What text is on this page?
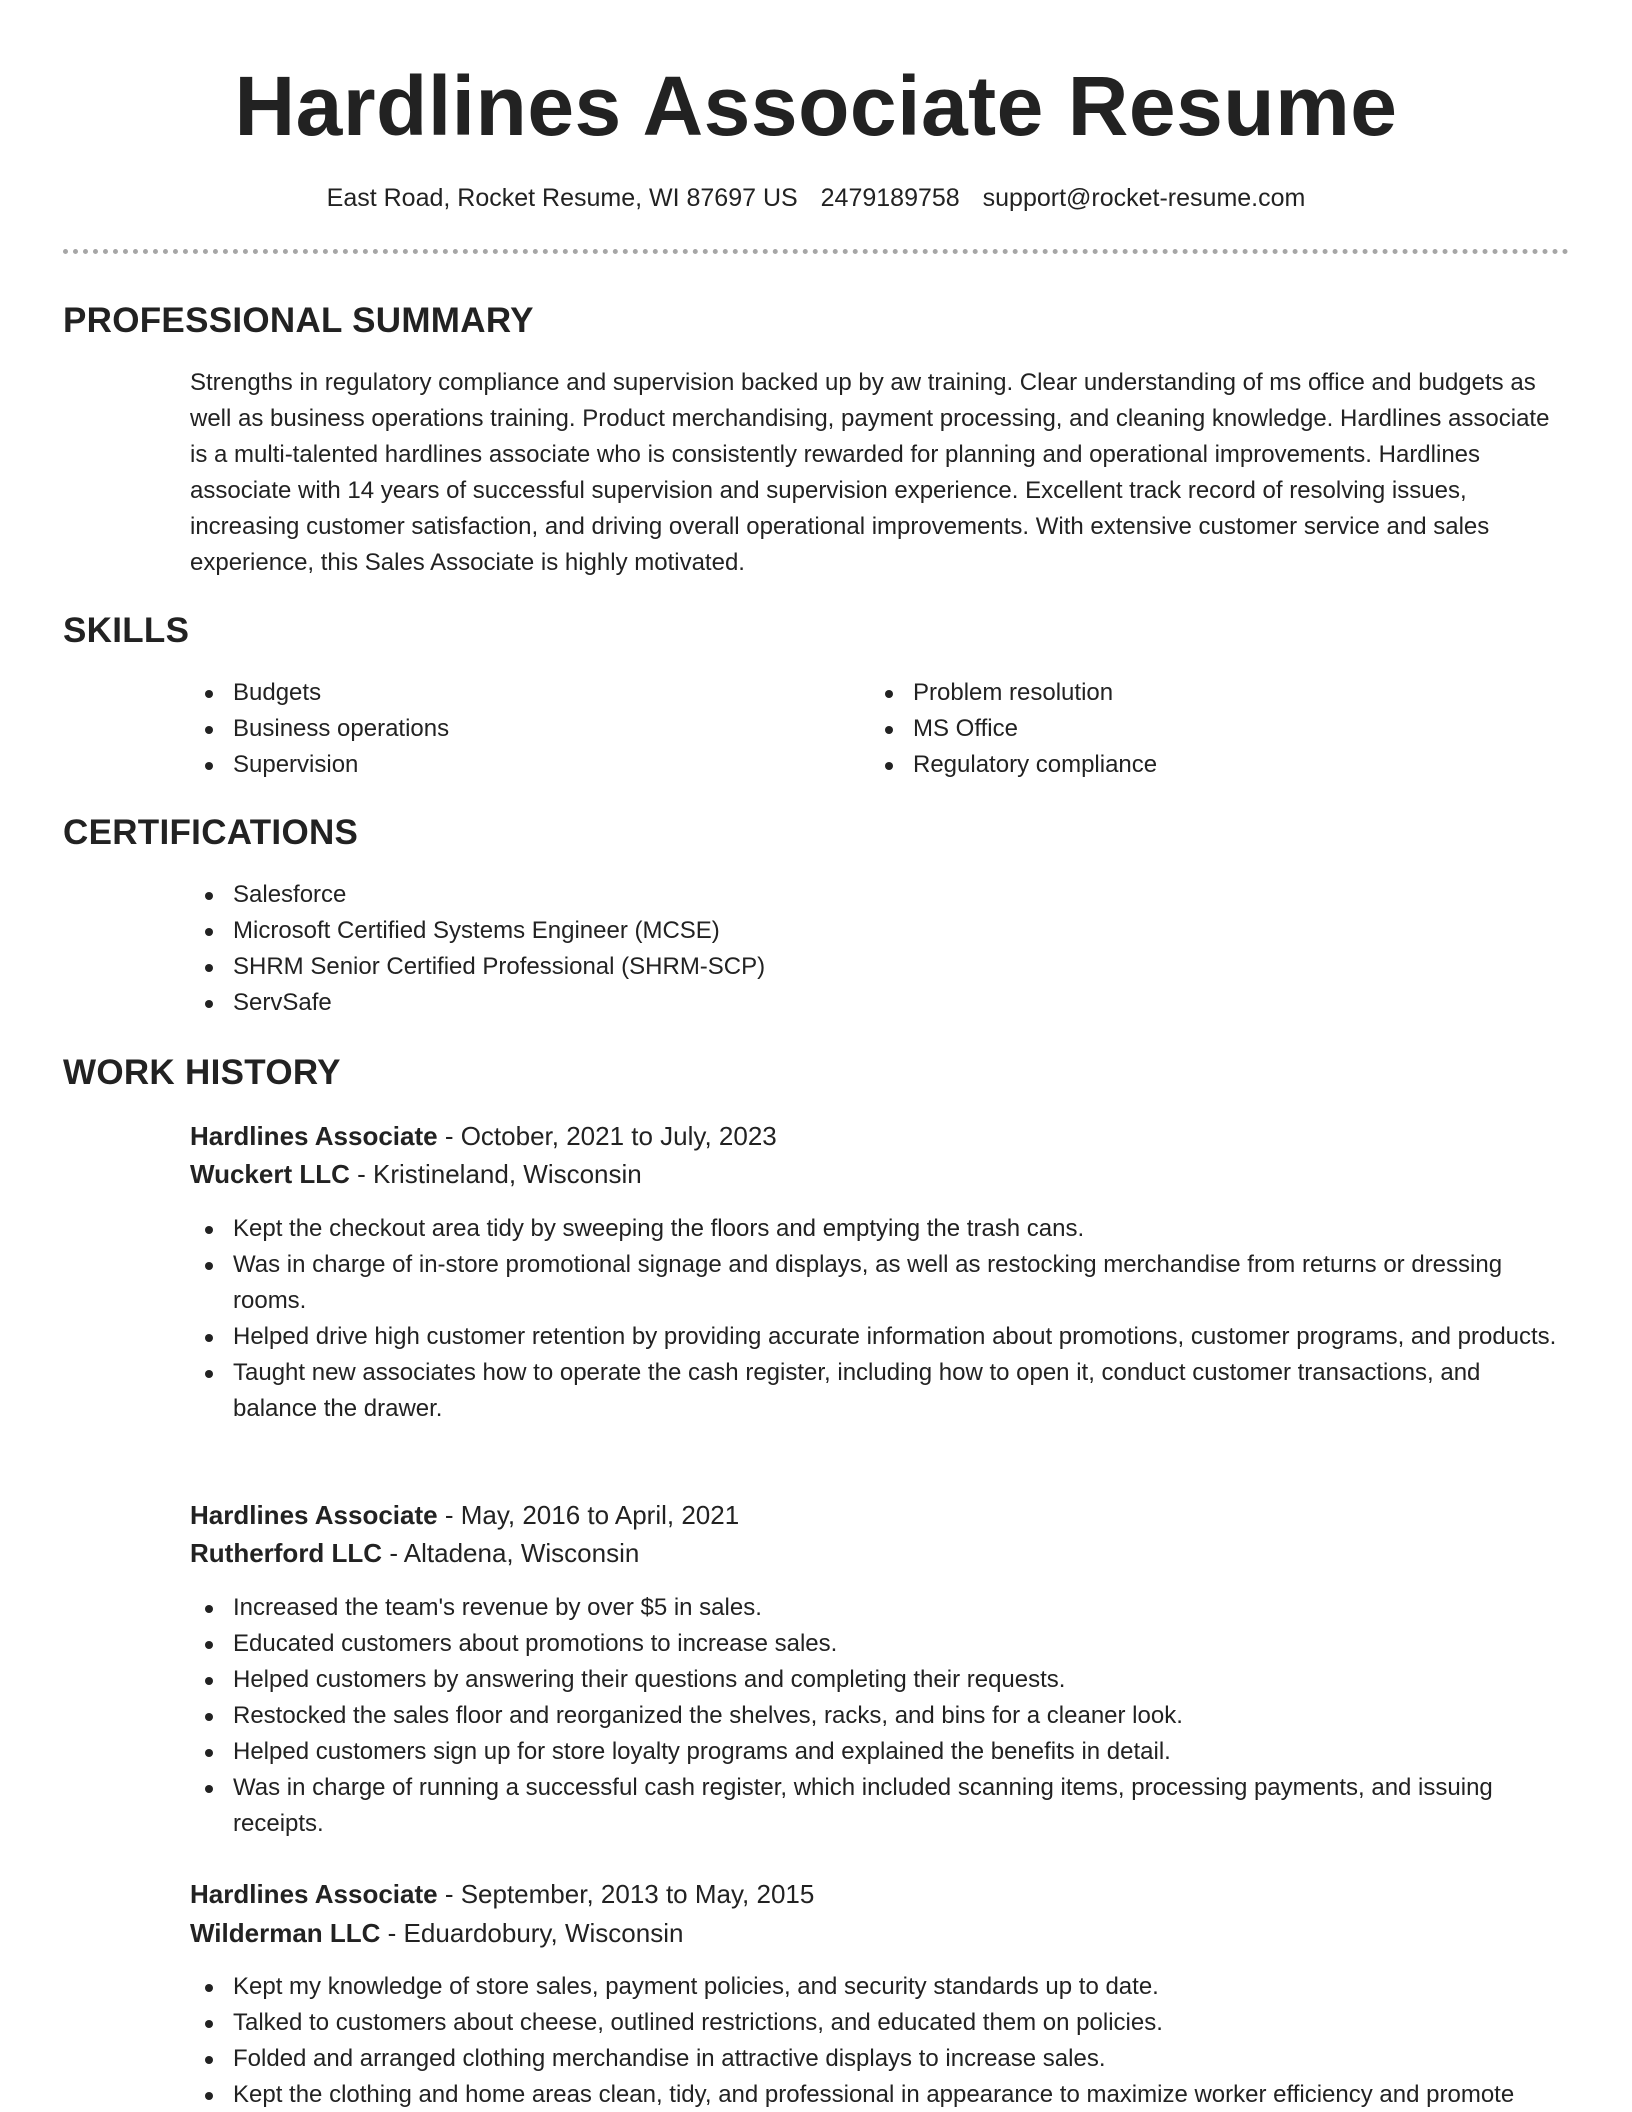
Hardlines Associate Resume
East Road, Rocket Resume, WI 87697 US 2479189758 support@rocket-resume.com
PROFESSIONAL SUMMARY

Strengths in regulatory compliance and supervision backed up by aw training. Clear understanding of ms office and budgets as well as business operations training. Product merchandising, payment processing, and cleaning knowledge. Hardlines associate is a multi-talented hardlines associate who is consistently rewarded for planning and operational improvements. Hardlines associate with 14 years of successful supervision and supervision experience. Excellent track record of resolving issues, increasing customer satisfaction, and driving overall operational improvements. With extensive customer service and sales experience, this Sales Associate is highly motivated.

SKILLS
Budgets
Business operations
Supervision
Problem resolution
MS Office
Regulatory compliance
CERTIFICATIONS
Salesforce
Microsoft Certified Systems Engineer (MCSE)
SHRM Senior Certified Professional (SHRM-SCP)
ServSafe
WORK HISTORY
Hardlines Associate - October, 2021 to July, 2023
Wuckert LLC - Kristineland, Wisconsin
Kept the checkout area tidy by sweeping the floors and emptying the trash cans.
Was in charge of in-store promotional signage and displays, as well as restocking merchandise from returns or dressing rooms.
Helped drive high customer retention by providing accurate information about promotions, customer programs, and products.
Taught new associates how to operate the cash register, including how to open it, conduct customer transactions, and balance the drawer.
Hardlines Associate - May, 2016 to April, 2021
Rutherford LLC - Altadena, Wisconsin
Increased the team's revenue by over $5 in sales.
Educated customers about promotions to increase sales.
Helped customers by answering their questions and completing their requests.
Restocked the sales floor and reorganized the shelves, racks, and bins for a cleaner look.
Helped customers sign up for store loyalty programs and explained the benefits in detail.
Was in charge of running a successful cash register, which included scanning items, processing payments, and issuing receipts.
Hardlines Associate - September, 2013 to May, 2015
Wilderman LLC - Eduardobury, Wisconsin
Kept my knowledge of store sales, payment policies, and security standards up to date.
Talked to customers about cheese, outlined restrictions, and educated them on policies.
Folded and arranged clothing merchandise in attractive displays to increase sales.
Kept the clothing and home areas clean, tidy, and professional in appearance to maximize worker efficiency and promote
